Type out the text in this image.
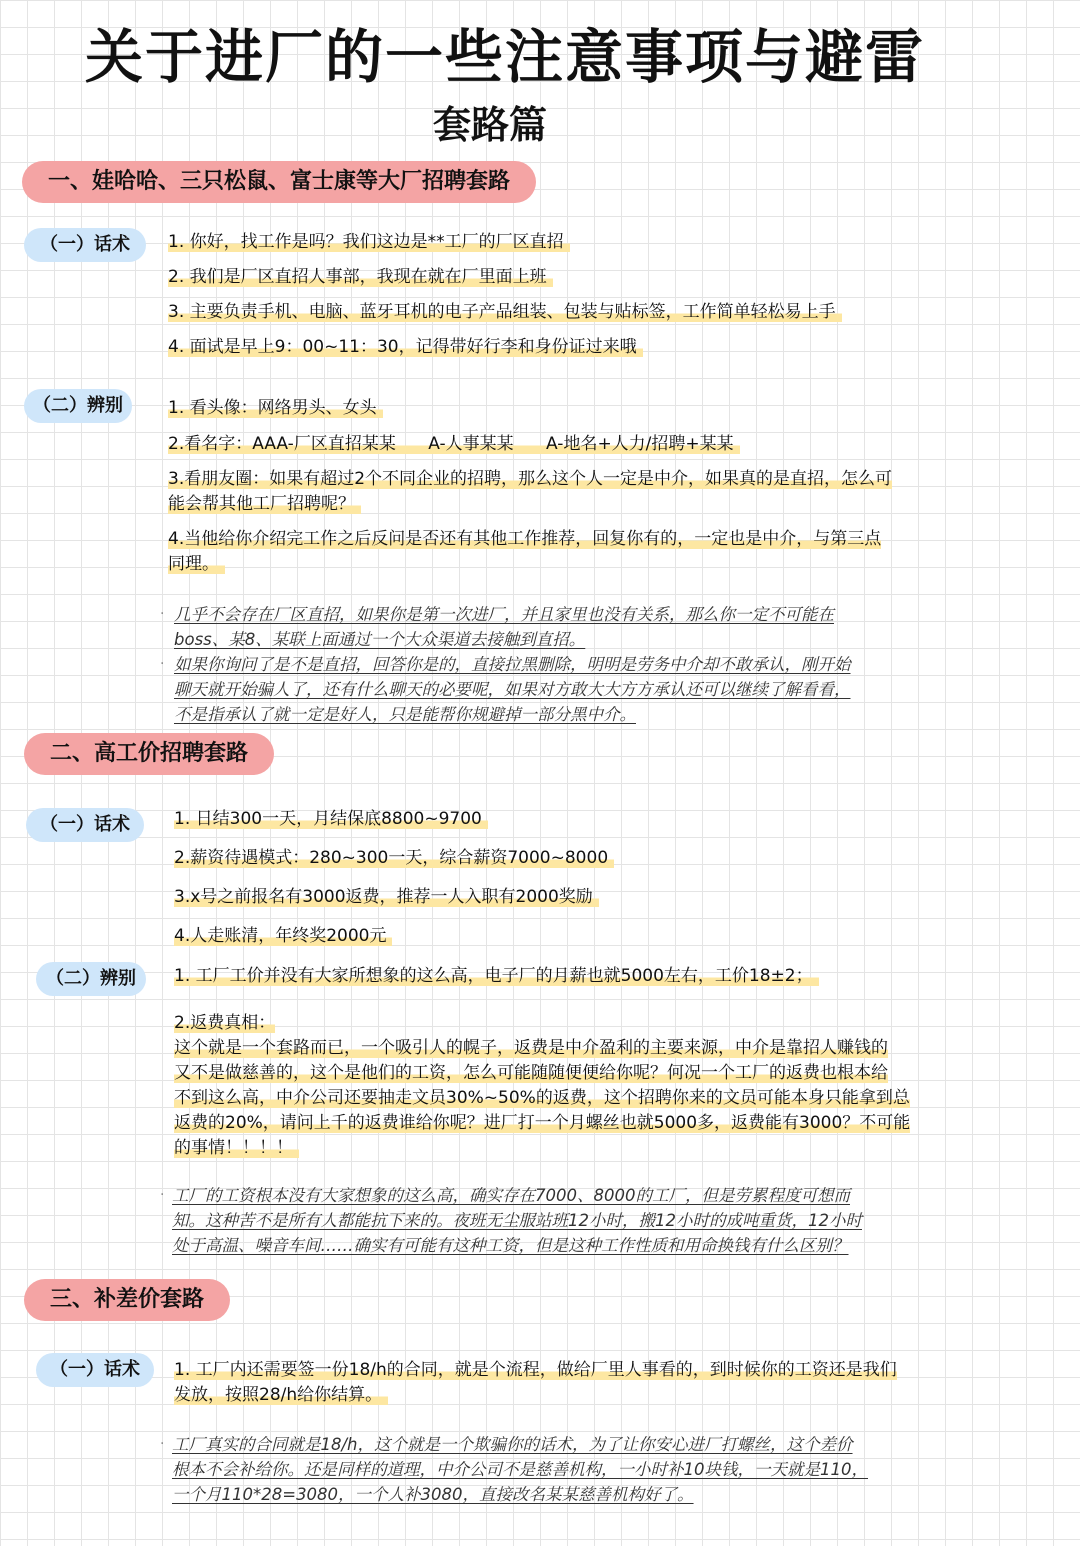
关于进厂的一些注意事项与避雷
套路篇
一、娃哈哈、三只松鼠、富士康等大厂招聘套路
（一）话术	1. 你好，找工作是吗？我们这边是**工厂的厂区直招
2. 我们是厂区直招人事部，我现在就在厂里面上班
3. 主要负责手机、电脑、蓝牙耳机的电子产品组装、包装与贴标签，工作简单轻松易上手
4. 面试是早上9：00~11：30，记得带好行李和身份证过来哦
（二）辨别	1. 看头像：网络男头、女头
2.看名字：AAA-厂区直招某某      A-人事某某      A-地名+人力/招聘+某某
3.看朋友圈：如果有超过2个不同企业的招聘，那么这个人一定是中介，如果真的是直招，怎么可
能会帮其他工厂招聘呢？
4.当他给你介绍完工作之后反问是否还有其他工作推荐，回复你有的，一定也是中介，与第三点
同理。
· 几乎不会存在厂区直招，如果你是第一次进厂，并且家里也没有关系，那么你一定不可能在
boss、某8、某联上面通过一个大众渠道去接触到直招。
· 如果你询问了是不是直招，回答你是的，直接拉黑删除，明明是劳务中介却不敢承认，刚开始
聊天就开始骗人了，还有什么聊天的必要呢，如果对方敢大大方方承认还可以继续了解看看，
不是指承认了就一定是好人，只是能帮你规避掉一部分黑中介。
二、高工价招聘套路
（一）话术	1. 日结300一天，月结保底8800~9700
2.薪资待遇模式：280~300一天，综合薪资7000~8000
3.x号之前报名有3000返费，推荐一人入职有2000奖励
4.人走账清，年终奖2000元
（二）辨别	1. 工厂工价并没有大家所想象的这么高，电子厂的月薪也就5000左右，工价18±2；
2.返费真相：
这个就是一个套路而已，一个吸引人的幌子，返费是中介盈利的主要来源，中介是靠招人赚钱的
又不是做慈善的，这个是他们的工资，怎么可能随随便便给你呢？何况一个工厂的返费也根本给
不到这么高，中介公司还要抽走文员30%~50%的返费，这个招聘你来的文员可能本身只能拿到总
返费的20%，请问上千的返费谁给你呢？进厂打一个月螺丝也就5000多，返费能有3000？不可能
的事情！！！！
· 工厂的工资根本没有大家想象的这么高，确实存在7000、8000的工厂，但是劳累程度可想而
知。这种苦不是所有人都能抗下来的。夜班无尘服站班12小时，搬12小时的成吨重货，12小时
处于高温、噪音车间……确实有可能有这种工资，但是这种工作性质和用命换钱有什么区别？
三、补差价套路
（一）话术	1. 工厂内还需要签一份18/h的合同，就是个流程，做给厂里人事看的，到时候你的工资还是我们
发放，按照28/h给你结算。
· 工厂真实的合同就是18/h，这个就是一个欺骗你的话术，为了让你安心进厂打螺丝，这个差价
根本不会补给你。还是同样的道理，中介公司不是慈善机构，一小时补10块钱，一天就是110，
一个月110*28=3080，一个人补3080，直接改名某某慈善机构好了。
